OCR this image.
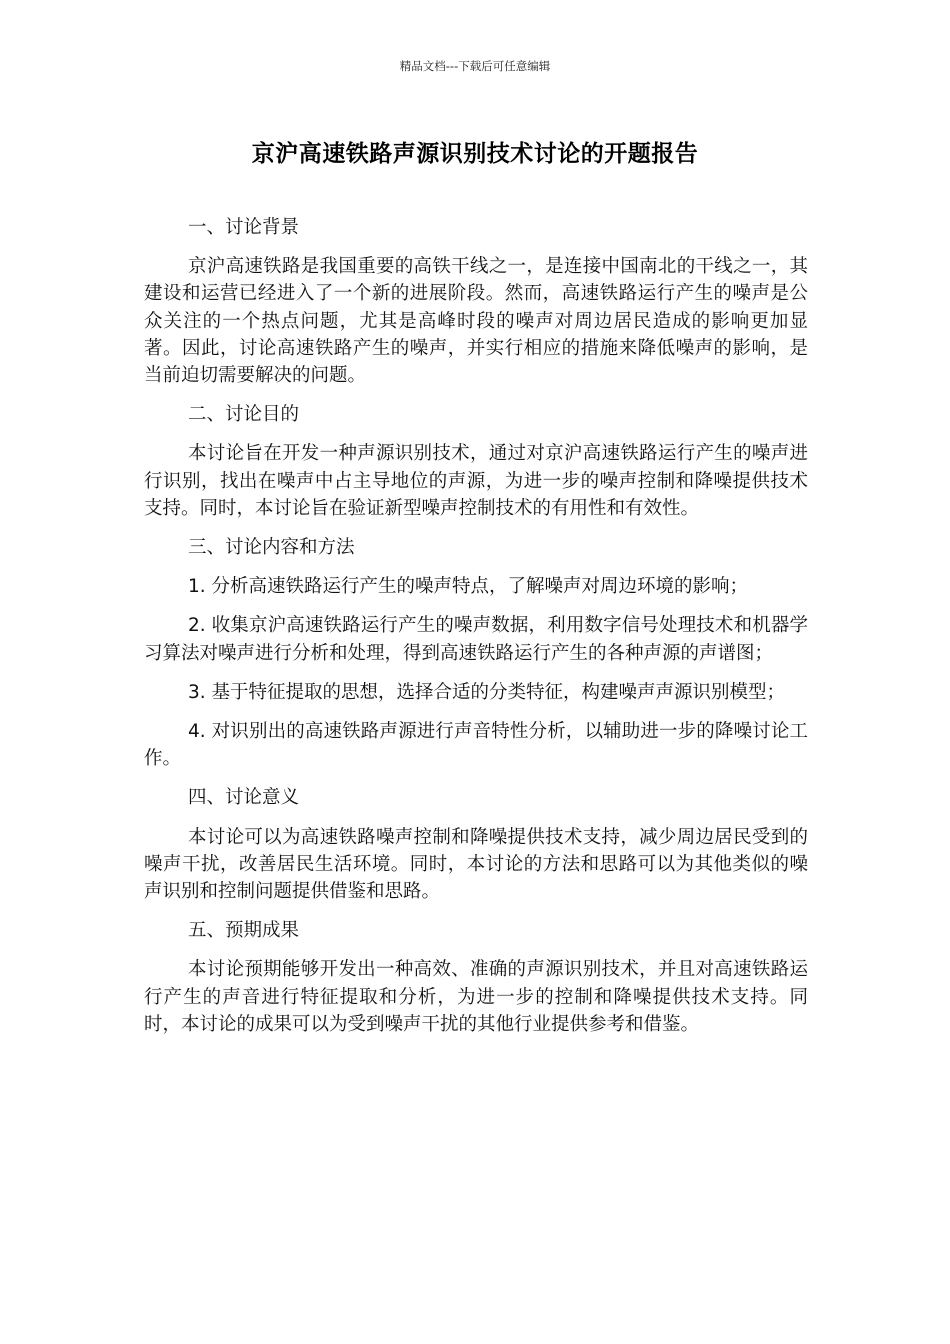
精品文档---下载后可任意编辑
京沪高速铁路声源识别技术讨论的开题报告

一、讨论背景

京沪高速铁路是我国重要的高铁干线之一，是连接中国南北的干线之一，其建设和运营已经进入了一个新的进展阶段。然而，高速铁路运行产生的噪声是公众关注的一个热点问题，尤其是高峰时段的噪声对周边居民造成的影响更加显著。因此，讨论高速铁路产生的噪声，并实行相应的措施来降低噪声的影响，是当前迫切需要解决的问题。

二、讨论目的

本讨论旨在开发一种声源识别技术，通过对京沪高速铁路运行产生的噪声进行识别，找出在噪声中占主导地位的声源，为进一步的噪声控制和降噪提供技术支持。同时，本讨论旨在验证新型噪声控制技术的有用性和有效性。

三、讨论内容和方法

1. 分析高速铁路运行产生的噪声特点，了解噪声对周边环境的影响；

2. 收集京沪高速铁路运行产生的噪声数据，利用数字信号处理技术和机器学习算法对噪声进行分析和处理，得到高速铁路运行产生的各种声源的声谱图；

3. 基于特征提取的思想，选择合适的分类特征，构建噪声声源识别模型；

4. 对识别出的高速铁路声源进行声音特性分析，以辅助进一步的降噪讨论工作。

四、讨论意义

本讨论可以为高速铁路噪声控制和降噪提供技术支持，减少周边居民受到的噪声干扰，改善居民生活环境。同时，本讨论的方法和思路可以为其他类似的噪声识别和控制问题提供借鉴和思路。

五、预期成果

本讨论预期能够开发出一种高效、准确的声源识别技术，并且对高速铁路运行产生的声音进行特征提取和分析，为进一步的控制和降噪提供技术支持。同时，本讨论的成果可以为受到噪声干扰的其他行业提供参考和借鉴。
